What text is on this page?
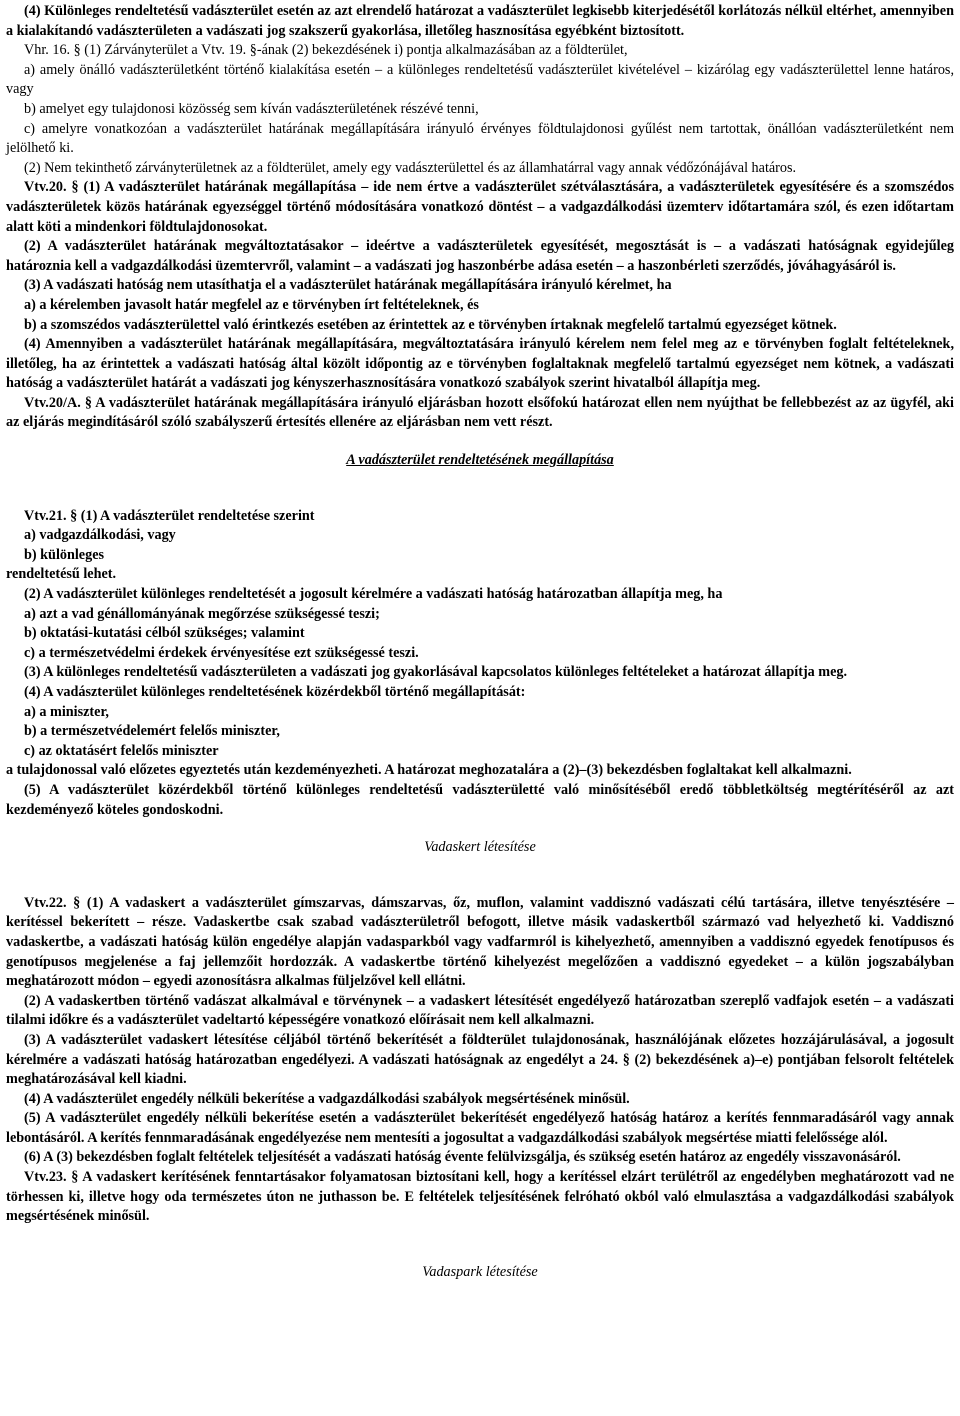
(4) Különleges rendeltetésű vadászterület esetén az azt elrendelő határozat a vadászterület legkisebb kiterjedésétől korlátozás nélkül eltérhet, amennyiben a kialakítandó vadászterületen a vadászati jog szakszerű gyakorlása, illetőleg hasznosítása egyébként biztosított.

Vhr. 16. § (1) Zárványterület a Vtv. 19. §-ának (2) bekezdésének i) pontja alkalmazásában az a földterület,

a) amely önálló vadászterületként történő kialakítása esetén – a különleges rendeltetésű vadászterület kivételével – kizárólag egy vadászterülettel lenne határos, vagy

b) amelyet egy tulajdonosi közösség sem kíván vadászterületének részévé tenni,

c) amelyre vonatkozóan a vadászterület határának megállapítására irányuló érvényes földtulajdonosi gyűlést nem tartottak, önállóan vadászterületként nem jelölhető ki.

(2) Nem tekinthető zárványterületnek az a földterület, amely egy vadászterülettel és az államhatárral vagy annak védőzónájával határos.

Vtv.20. § (1) A vadászterület határának megállapítása – ide nem értve a vadászterület szétválasztására, a vadászterületek egyesítésére és a szomszédos vadászterületek közös határának egyezséggel történő módosítására vonatkozó döntést – a vadgazdálkodási üzemterv időtartamára szól, és ezen időtartam alatt köti a mindenkori földtulajdonosokat.

(2) A vadászterület határának megváltoztatásakor – ideértve a vadászterületek egyesítését, megosztását is – a vadászati hatóságnak egyidejűleg határoznia kell a vadgazdálkodási üzemtervről, valamint – a vadászati jog haszonbérbe adása esetén – a haszonbérleti szerződés, jóváhagyásáról is.

(3) A vadászati hatóság nem utasíthatja el a vadászterület határának megállapítására irányuló kérelmet, ha

a) a kérelemben javasolt határ megfelel az e törvényben írt feltételeknek, és

b) a szomszédos vadászterülettel való érintkezés esetében az érintettek az e törvényben írtaknak megfelelő tartalmú egyezséget kötnek.

(4) Amennyiben a vadászterület határának megállapítására, megváltoztatására irányuló kérelem nem felel meg az e törvényben foglalt feltételeknek, illetőleg, ha az érintettek a vadászati hatóság által közölt időpontig az e törvényben foglaltaknak megfelelő tartalmú egyezséget nem kötnek, a vadászati hatóság a vadászterület határát a vadászati jog kényszerhasznosítására vonatkozó szabályok szerint hivatalból állapítja meg.

Vtv.20/A. § A vadászterület határának megállapítására irányuló eljárásban hozott elsőfokú határozat ellen nem nyújthat be fellebbezést az az ügyfél, aki az eljárás megindításáról szóló szabályszerű értesítés ellenére az eljárásban nem vett részt.

A vadászterület rendeltetésének megállapítása

Vtv.21. § (1) A vadászterület rendeltetése szerint

a) vadgazdálkodási, vagy

b) különleges

rendeltetésű lehet.

(2) A vadászterület különleges rendeltetését a jogosult kérelmére a vadászati hatóság határozatban állapítja meg, ha

a) azt a vad génállományának megőrzése szükségessé teszi;

b) oktatási-kutatási célból szükséges; valamint

c) a természetvédelmi érdekek érvényesítése ezt szükségessé teszi.

(3) A különleges rendeltetésű vadászterületen a vadászati jog gyakorlásával kapcsolatos különleges feltételeket a határozat állapítja meg.

(4) A vadászterület különleges rendeltetésének közérdekből történő megállapítását:

a) a miniszter,

b) a természetvédelemért felelős miniszter,

c) az oktatásért felelős miniszter

a tulajdonossal való előzetes egyeztetés után kezdeményezheti. A határozat meghozatalára a (2)–(3) bekezdésben foglaltakat kell alkalmazni.

(5) A vadászterület közérdekből történő különleges rendeltetésű vadászterületté való minősítéséből eredő többletköltség megtérítéséről az azt kezdeményező köteles gondoskodni.

Vadaskert létesítése

Vtv.22. § (1) A vadaskert a vadászterület gímszarvas, dámszarvas, őz, muflon, valamint vaddisznó vadászati célú tartására, illetve tenyésztésére – kerítéssel bekerített – része. Vadaskertbe csak szabad vadászterületről befogott, illetve másik vadaskertből származó vad helyezhető ki. Vaddisznó vadaskertbe, a vadászati hatóság külön engedélye alapján vadasparkból vagy vadfarmról is kihelyezhető, amennyiben a vaddisznó egyedek fenotípusos és genotípusos megjelenése a faj jellemzőit hordozzák. A vadaskertbe történő kihelyezést megelőzően a vaddisznó egyedeket – a külön jogszabályban meghatározott módon – egyedi azonosításra alkalmas füljelzővel kell ellátni.

(2) A vadaskertben történő vadászat alkalmával e törvénynek – a vadaskert létesítését engedélyező határozatban szereplő vadfajok esetén – a vadászati tilalmi időkre és a vadászterület vadeltartó képességére vonatkozó előírásait nem kell alkalmazni.

(3) A vadászterület vadaskert létesítése céljából történő bekerítését a földterület tulajdonosának, használójának előzetes hozzájárulásával, a jogosult kérelmére a vadászati hatóság határozatban engedélyezi. A vadászati hatóságnak az engedélyt a 24. § (2) bekezdésének a)–e) pontjában felsorolt feltételek meghatározásával kell kiadni.

(4) A vadászterület engedély nélküli bekerítése a vadgazdálkodási szabályok megsértésének minősül.

(5) A vadászterület engedély nélküli bekerítése esetén a vadászterület bekerítését engedélyező hatóság határoz a kerítés fennmaradásáról vagy annak lebontásáról. A kerítés fennmaradásának engedélyezése nem mentesíti a jogosultat a vadgazdálkodási szabályok megsértése miatti felelőssége alól.

(6) A (3) bekezdésben foglalt feltételek teljesítését a vadászati hatóság évente felülvizsgálja, és szükség esetén határoz az engedély visszavonásáról.

Vtv.23. § A vadaskert kerítésének fenntartásakor folyamatosan biztosítani kell, hogy a kerítéssel elzárt terülétről az engedélyben meghatározott vad ne törhessen ki, illetve hogy oda természetes úton ne juthasson be. E feltételek teljesítésének felróható okból való elmulasztása a vadgazdálkodási szabályok megsértésének minősül.

Vadaspark létesítése
